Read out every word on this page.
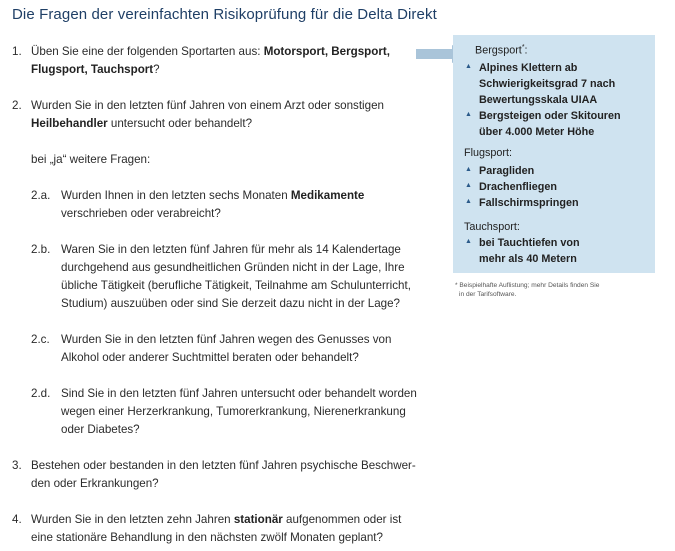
Die Fragen der vereinfachten Risikoprüfung für die Delta Direkt
1. Üben Sie eine der folgenden Sportarten aus: Motorsport, Bergsport,
Flugsport, Tauchsport?
2. Wurden Sie in den letzten fünf Jahren von einem Arzt oder sonstigen
Heilbehandler untersucht oder behandelt?
bei „ja“ weitere Fragen:
2.a. Wurden Ihnen in den letzten sechs Monaten Medikamente
verschrieben oder verabreicht?
2.b. Waren Sie in den letzten fünf Jahren für mehr als 14 Kalendertage
durchgehend aus gesundheitlichen Gründen nicht in der Lage, Ihre
übliche Tätigkeit (berufliche Tätigkeit, Teilnahme am Schulunterricht,
Studium) auszuüben oder sind Sie derzeit dazu nicht in der Lage?
2.c. Wurden Sie in den letzten fünf Jahren wegen des Genusses von
Alkohol oder anderer Suchtmittel beraten oder behandelt?
2.d. Sind Sie in den letzten fünf Jahren untersucht oder behandelt worden
wegen einer Herzerkrankung, Tumorerkrankung, Nierenerkrankung
oder Diabetes?
3. Bestehen oder bestanden in den letzten fünf Jahren psychische Beschwer-
den oder Erkrankungen?
4. Wurden Sie in den letzten zehn Jahren stationär aufgenommen oder ist
eine stationäre Behandlung in den nächsten zwölf Monaten geplant?
Bergsport*:
▲ Alpines Klettern ab
Schwierigkeitsgrad 7 nach
Bewertungsskala UIAA
▲ Bergsteigen oder Skitouren
über 4.000 Meter Höhe
Flugsport:
▲ Paragliden
▲ Drachenfliegen
▲ Fallschirmspringen
Tauchsport:
▲ bei Tauchtiefen von
mehr als 40 Metern
* Beispielhafte Auflistung; mehr Details finden Sie
in der Tarifsoftware.
